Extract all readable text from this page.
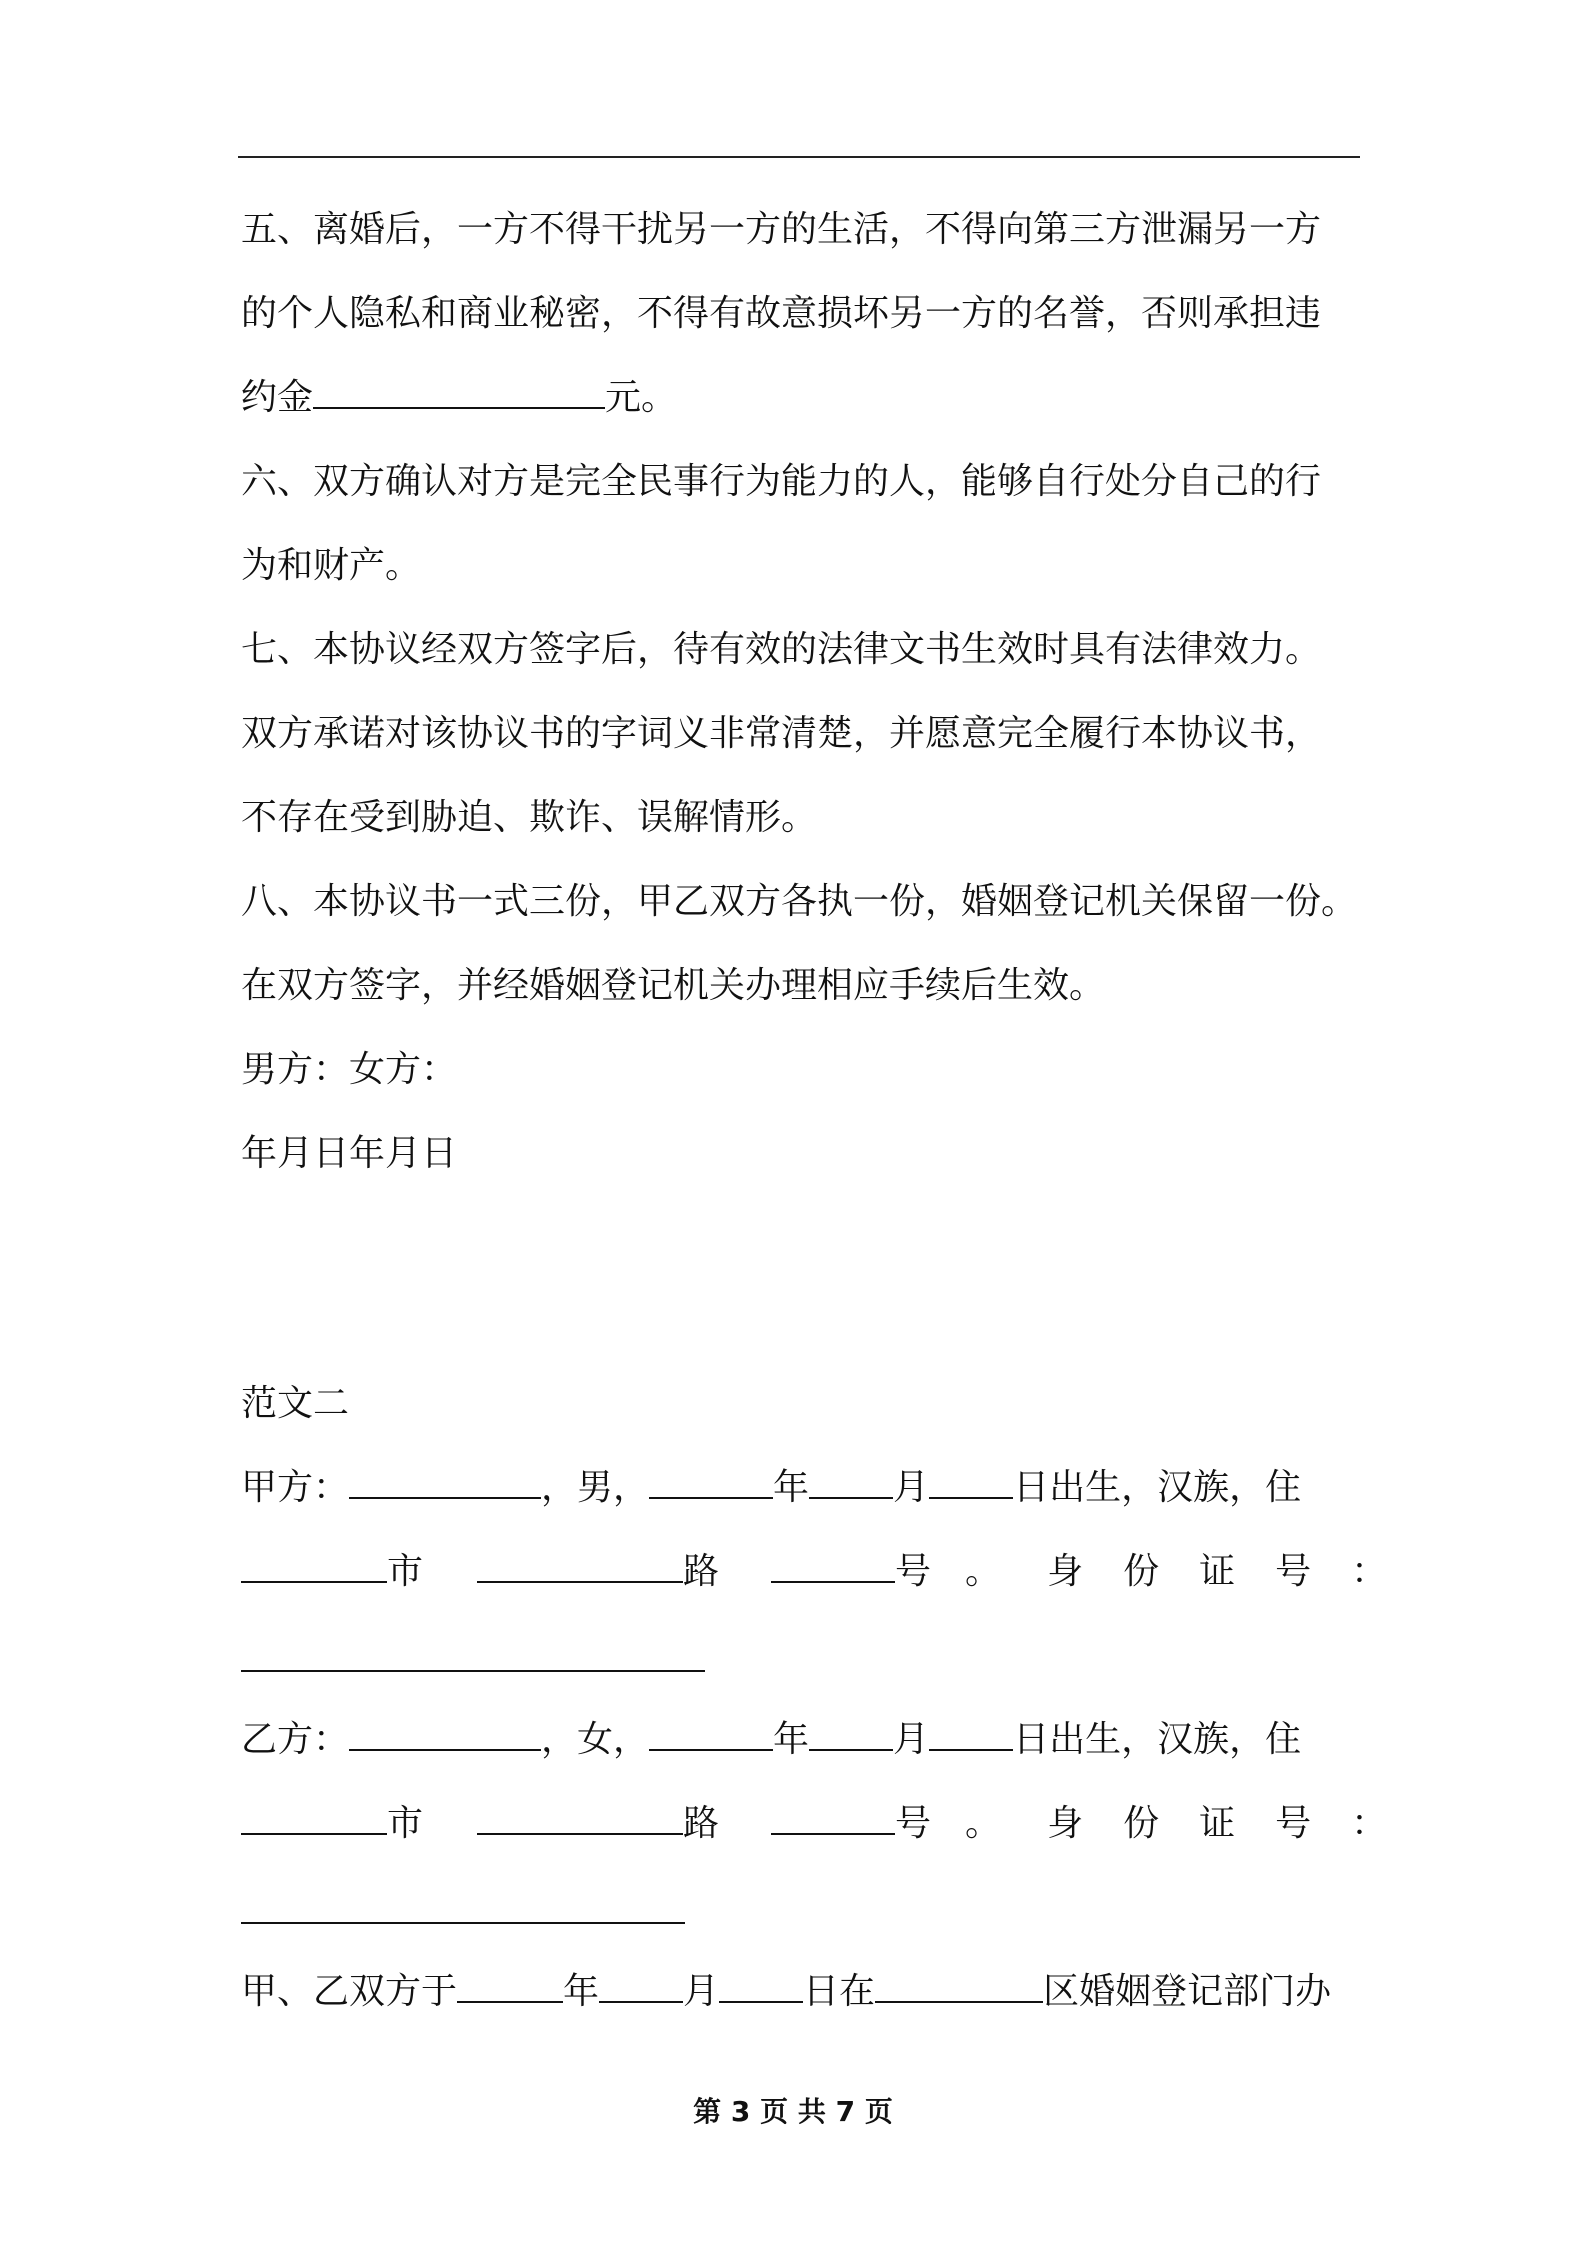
五、离婚后，一方不得干扰另一方的生活，不得向第三方泄漏另一方
的个人隐私和商业秘密，不得有故意损坏另一方的名誉，否则承担违
约金	元。
六、双方确认对方是完全民事行为能力的人，能够自行处分自己的行
为和财产。
七、本协议经双方签字后，待有效的法律文书生效时具有法律效力。
双方承诺对该协议书的字词义非常清楚，并愿意完全履行本协议书，
不存在受到胁迫、欺诈、误解情形。
八、本协议书一式三份，甲乙双方各执一份，婚姻登记机关保留一份。
在双方签字，并经婚姻登记机关办理相应手续后生效。
男方：女方：
年月日年月日
范文二
甲方：	，男，	年 月 日出生，汉族，住
市	路	号 。 身 份 证 号 ：
乙方：	，女，	年 月 日出生，汉族，住
市	路	号 。 身 份 证 号 ：
甲、乙双方于	年 月 日在	区婚姻登记部门办
第 3 页 共 7 页
